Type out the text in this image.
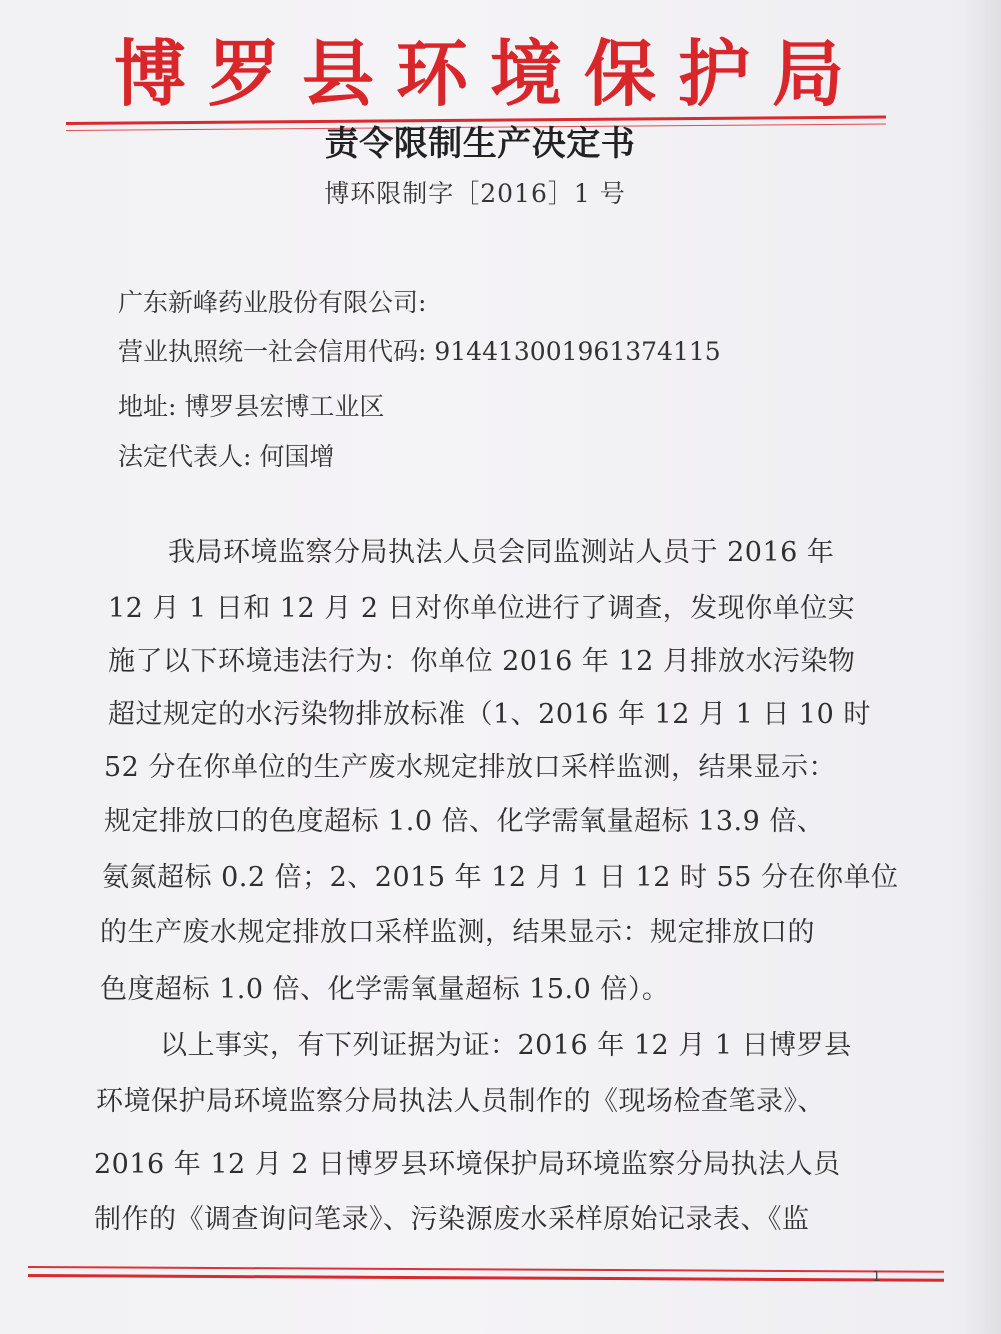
博罗县环境保护局
责令限制生产决定书
博环限制字［2016］1 号
广东新峰药业股份有限公司:
营业执照统一社会信用代码: 914413001961374115
地址: 博罗县宏博工业区
法定代表人: 何国增
我局环境监察分局执法人员会同监测站人员于 2016 年
12 月 1 日和 12 月 2 日对你单位进行了调查，发现你单位实
施了以下环境违法行为：你单位 2016 年 12 月排放水污染物
超过规定的水污染物排放标准（1、2016 年 12 月 1 日 10 时
52 分在你单位的生产废水规定排放口采样监测，结果显示：
规定排放口的色度超标 1.0 倍、化学需氧量超标 13.9 倍、
氨氮超标 0.2 倍；2、2015 年 12 月 1 日 12 时 55 分在你单位
的生产废水规定排放口采样监测，结果显示：规定排放口的
色度超标 1.0 倍、化学需氧量超标 15.0 倍）。
以上事实，有下列证据为证：2016 年 12 月 1 日博罗县
环境保护局环境监察分局执法人员制作的《现场检查笔录》、
2016 年 12 月 2 日博罗县环境保护局环境监察分局执法人员
制作的《调查询问笔录》、污染源废水采样原始记录表、《监
1
